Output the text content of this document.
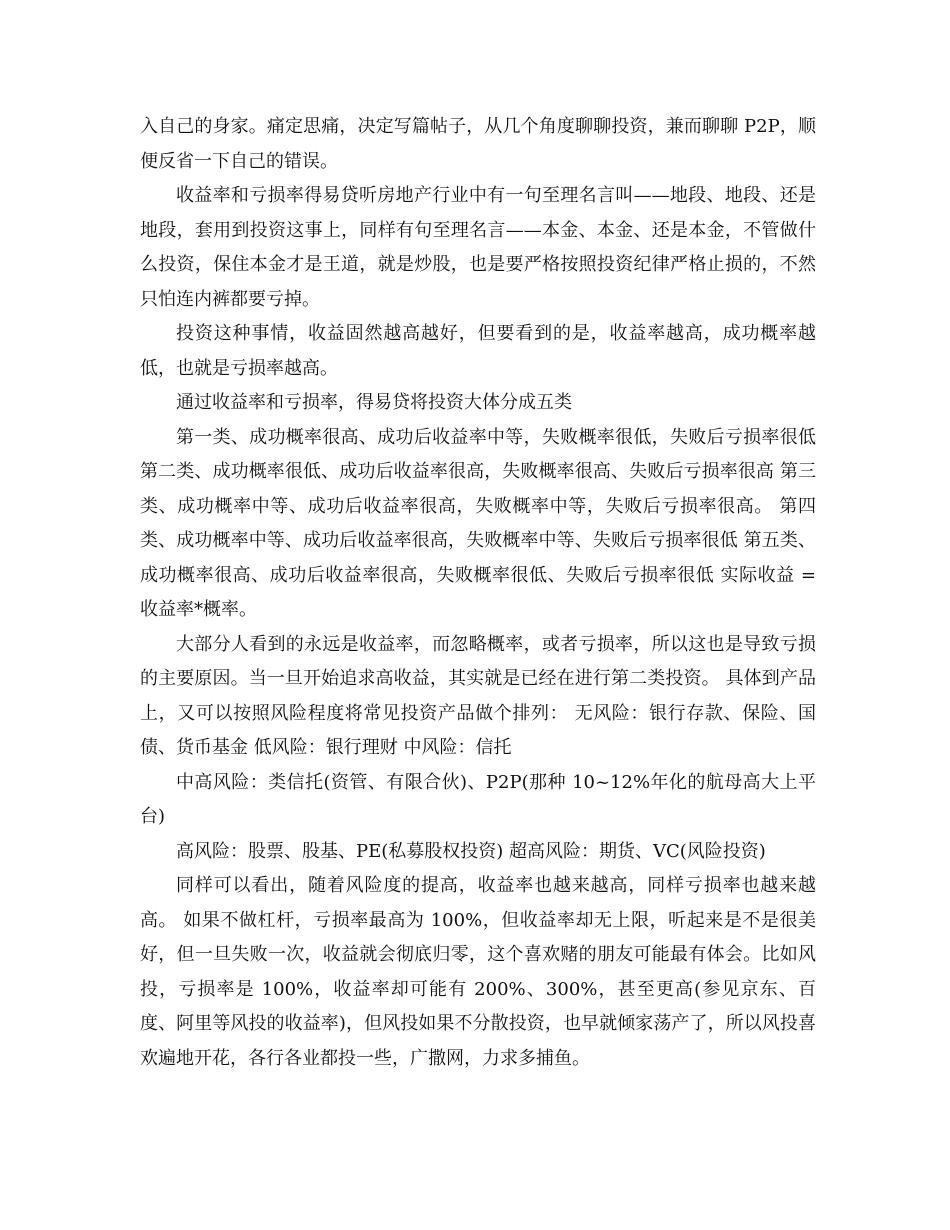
入自己的身家。痛定思痛，决定写篇帖子，从几个角度聊聊投资，兼而聊聊 P2P，顺便反省一下自己的错误。

收益率和亏损率得易贷听房地产行业中有一句至理名言叫——地段、地段、还是地段，套用到投资这事上，同样有句至理名言——本金、本金、还是本金，不管做什么投资，保住本金才是王道，就是炒股，也是要严格按照投资纪律严格止损的，不然只怕连内裤都要亏掉。

投资这种事情，收益固然越高越好，但要看到的是，收益率越高，成功概率越低，也就是亏损率越高。

通过收益率和亏损率，得易贷将投资大体分成五类

第一类、成功概率很高、成功后收益率中等，失败概率很低，失败后亏损率很低 第二类、成功概率很低、成功后收益率很高，失败概率很高、失败后亏损率很高 第三类、成功概率中等、成功后收益率很高，失败概率中等，失败后亏损率很高。 第四类、成功概率中等、成功后收益率很高，失败概率中等、失败后亏损率很低 第五类、成功概率很高、成功后收益率很高，失败概率很低、失败后亏损率很低 实际收益 = 收益率*概率。

大部分人看到的永远是收益率，而忽略概率，或者亏损率，所以这也是导致亏损的主要原因。当一旦开始追求高收益，其实就是已经在进行第二类投资。 具体到产品上，又可以按照风险程度将常见投资产品做个排列： 无风险：银行存款、保险、国债、货币基金 低风险：银行理财 中风险：信托

中高风险：类信托(资管、有限合伙)、P2P(那种 10~12%年化的航母高大上平台)

高风险：股票、股基、PE(私募股权投资) 超高风险：期货、VC(风险投资)

同样可以看出，随着风险度的提高，收益率也越来越高，同样亏损率也越来越高。 如果不做杠杆，亏损率最高为 100%，但收益率却无上限，听起来是不是很美好，但一旦失败一次，收益就会彻底归零，这个喜欢赌的朋友可能最有体会。比如风投，亏损率是 100%，收益率却可能有 200%、300%，甚至更高(参见京东、百度、阿里等风投的收益率)，但风投如果不分散投资，也早就倾家荡产了，所以风投喜欢遍地开花，各行各业都投一些，广撒网，力求多捕鱼。
